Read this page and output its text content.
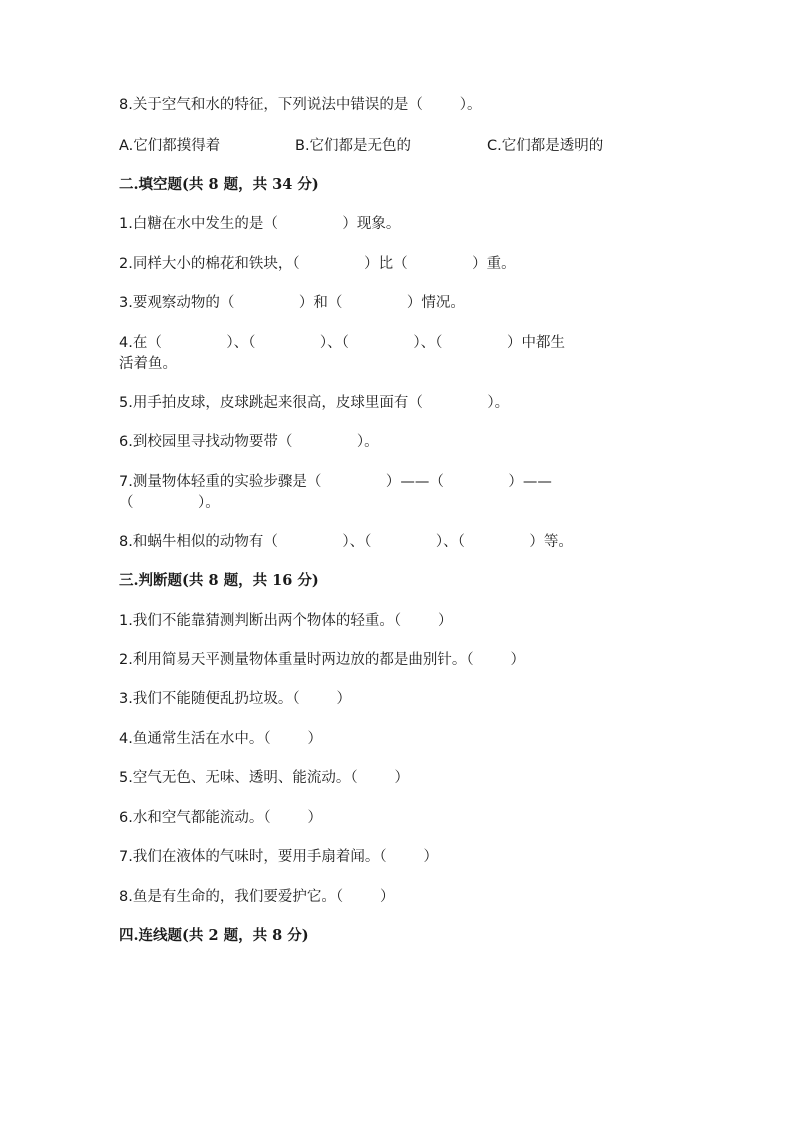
8.关于空气和水的特征，下列说法中错误的是（        ）。
A.它们都摸得着	B.它们都是无色的	C.它们都是透明的
二.填空题(共 8 题，共 34 分)
1.白糖在水中发生的是（              ）现象。
2.同样大小的棉花和铁块，（              ）比（              ）重。
3.要观察动物的（              ）和（              ）情况。
4.在（              ）、（              ）、（              ）、（              ）中都生
活着鱼。
5.用手拍皮球，皮球跳起来很高，皮球里面有（              ）。
6.到校园里寻找动物要带（              ）。
7.测量物体轻重的实验步骤是（              ）——（              ）——
（              ）。
8.和蜗牛相似的动物有（              ）、（              ）、（              ）等。
三.判断题(共 8 题，共 16 分)
1.我们不能靠猜测判断出两个物体的轻重。（        ）
2.利用简易天平测量物体重量时两边放的都是曲别针。（        ）
3.我们不能随便乱扔垃圾。（        ）
4.鱼通常生活在水中。（        ）
5.空气无色、无味、透明、能流动。（        ）
6.水和空气都能流动。（        ）
7.我们在液体的气味时，要用手扇着闻。（        ）
8.鱼是有生命的，我们要爱护它。（        ）
四.连线题(共 2 题，共 8 分)
